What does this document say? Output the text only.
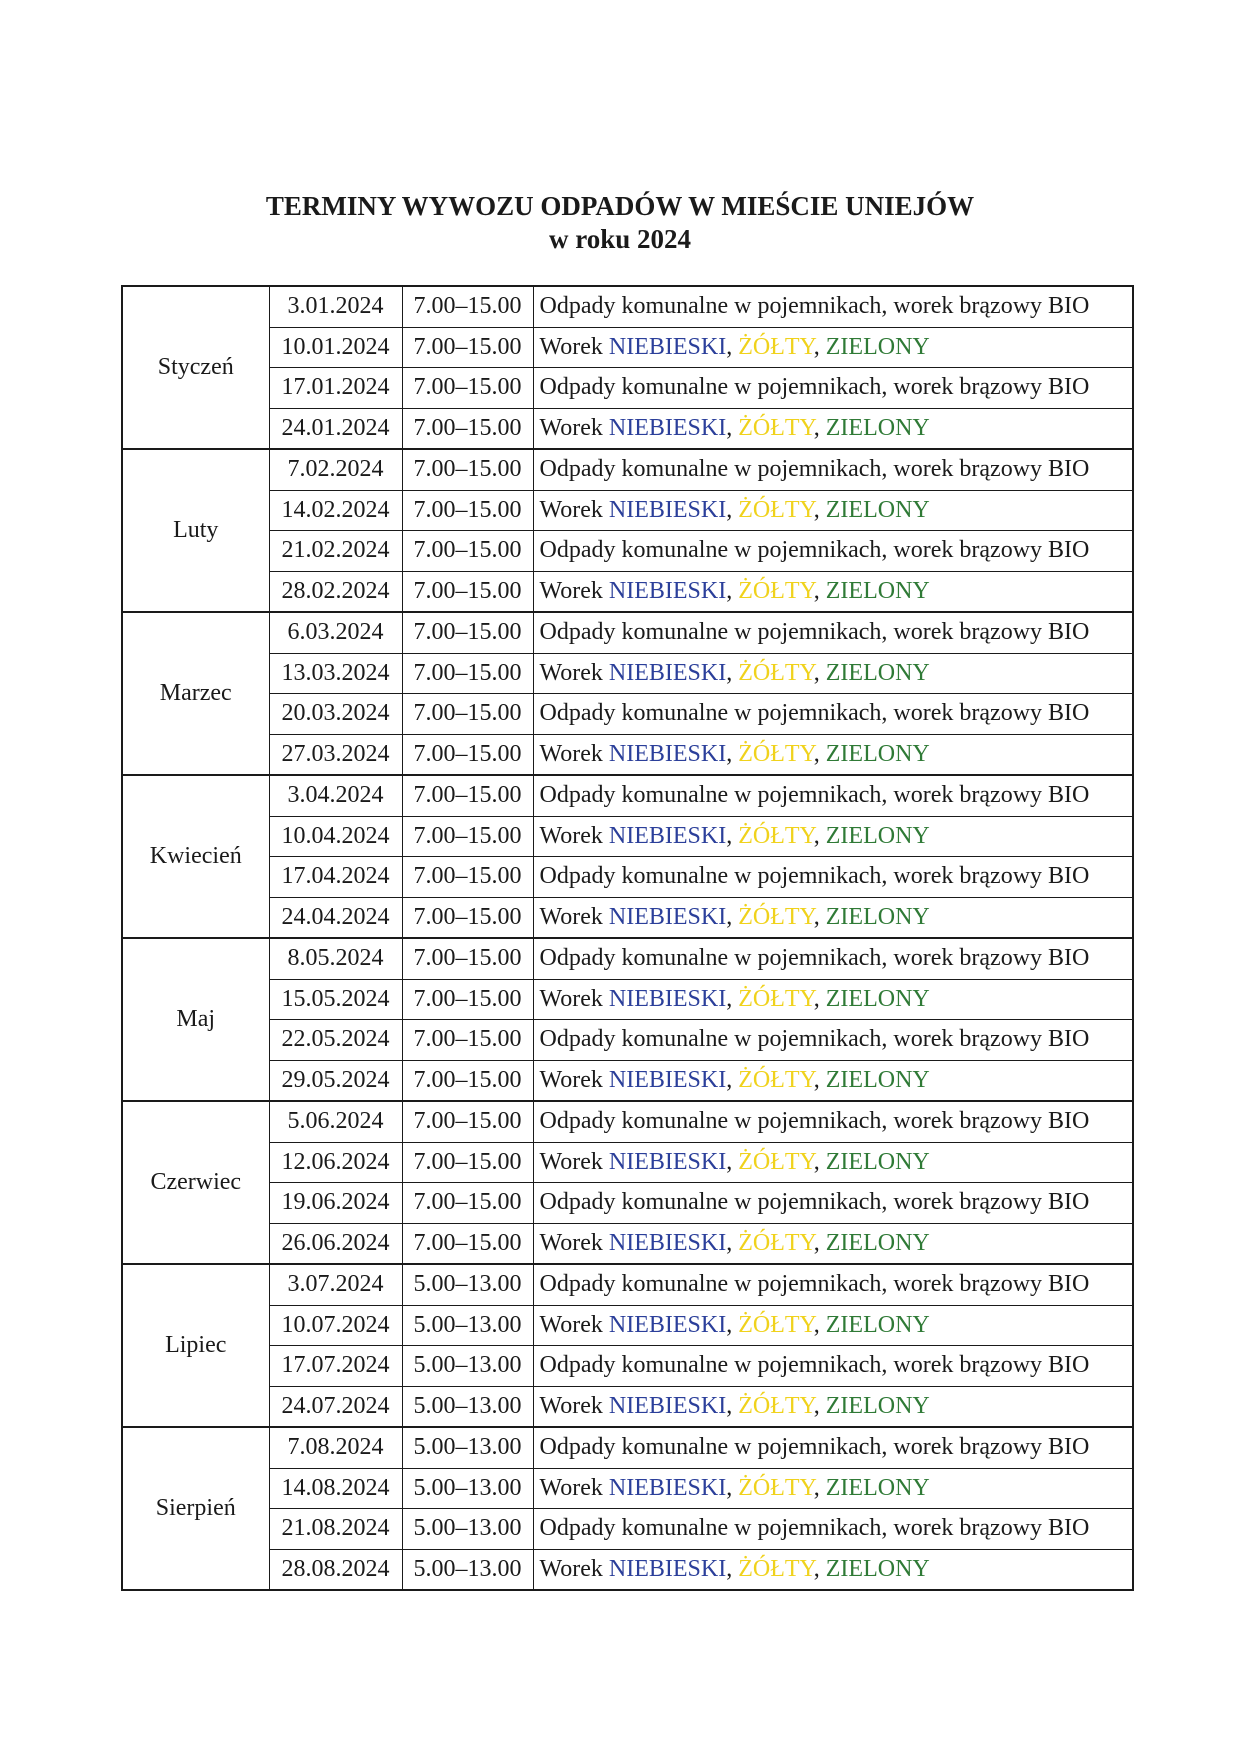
TERMINY WYWOZU ODPADÓW W MIEŚCIE UNIEJÓW
w roku 2024
Styczeń	3.01.2024	7.00–15.00	Odpady komunalne w pojemnikach, worek brązowy BIO
	10.01.2024	7.00–15.00	Worek NIEBIESKI, ŻÓŁTY, ZIELONY
	17.01.2024	7.00–15.00	Odpady komunalne w pojemnikach, worek brązowy BIO
	24.01.2024	7.00–15.00	Worek NIEBIESKI, ŻÓŁTY, ZIELONY
Luty	7.02.2024	7.00–15.00	Odpady komunalne w pojemnikach, worek brązowy BIO
	14.02.2024	7.00–15.00	Worek NIEBIESKI, ŻÓŁTY, ZIELONY
	21.02.2024	7.00–15.00	Odpady komunalne w pojemnikach, worek brązowy BIO
	28.02.2024	7.00–15.00	Worek NIEBIESKI, ŻÓŁTY, ZIELONY
Marzec	6.03.2024	7.00–15.00	Odpady komunalne w pojemnikach, worek brązowy BIO
	13.03.2024	7.00–15.00	Worek NIEBIESKI, ŻÓŁTY, ZIELONY
	20.03.2024	7.00–15.00	Odpady komunalne w pojemnikach, worek brązowy BIO
	27.03.2024	7.00–15.00	Worek NIEBIESKI, ŻÓŁTY, ZIELONY
Kwiecień	3.04.2024	7.00–15.00	Odpady komunalne w pojemnikach, worek brązowy BIO
	10.04.2024	7.00–15.00	Worek NIEBIESKI, ŻÓŁTY, ZIELONY
	17.04.2024	7.00–15.00	Odpady komunalne w pojemnikach, worek brązowy BIO
	24.04.2024	7.00–15.00	Worek NIEBIESKI, ŻÓŁTY, ZIELONY
Maj	8.05.2024	7.00–15.00	Odpady komunalne w pojemnikach, worek brązowy BIO
	15.05.2024	7.00–15.00	Worek NIEBIESKI, ŻÓŁTY, ZIELONY
	22.05.2024	7.00–15.00	Odpady komunalne w pojemnikach, worek brązowy BIO
	29.05.2024	7.00–15.00	Worek NIEBIESKI, ŻÓŁTY, ZIELONY
Czerwiec	5.06.2024	7.00–15.00	Odpady komunalne w pojemnikach, worek brązowy BIO
	12.06.2024	7.00–15.00	Worek NIEBIESKI, ŻÓŁTY, ZIELONY
	19.06.2024	7.00–15.00	Odpady komunalne w pojemnikach, worek brązowy BIO
	26.06.2024	7.00–15.00	Worek NIEBIESKI, ŻÓŁTY, ZIELONY
Lipiec	3.07.2024	5.00–13.00	Odpady komunalne w pojemnikach, worek brązowy BIO
	10.07.2024	5.00–13.00	Worek NIEBIESKI, ŻÓŁTY, ZIELONY
	17.07.2024	5.00–13.00	Odpady komunalne w pojemnikach, worek brązowy BIO
	24.07.2024	5.00–13.00	Worek NIEBIESKI, ŻÓŁTY, ZIELONY
Sierpień	7.08.2024	5.00–13.00	Odpady komunalne w pojemnikach, worek brązowy BIO
	14.08.2024	5.00–13.00	Worek NIEBIESKI, ŻÓŁTY, ZIELONY
	21.08.2024	5.00–13.00	Odpady komunalne w pojemnikach, worek brązowy BIO
	28.08.2024	5.00–13.00	Worek NIEBIESKI, ŻÓŁTY, ZIELONY
